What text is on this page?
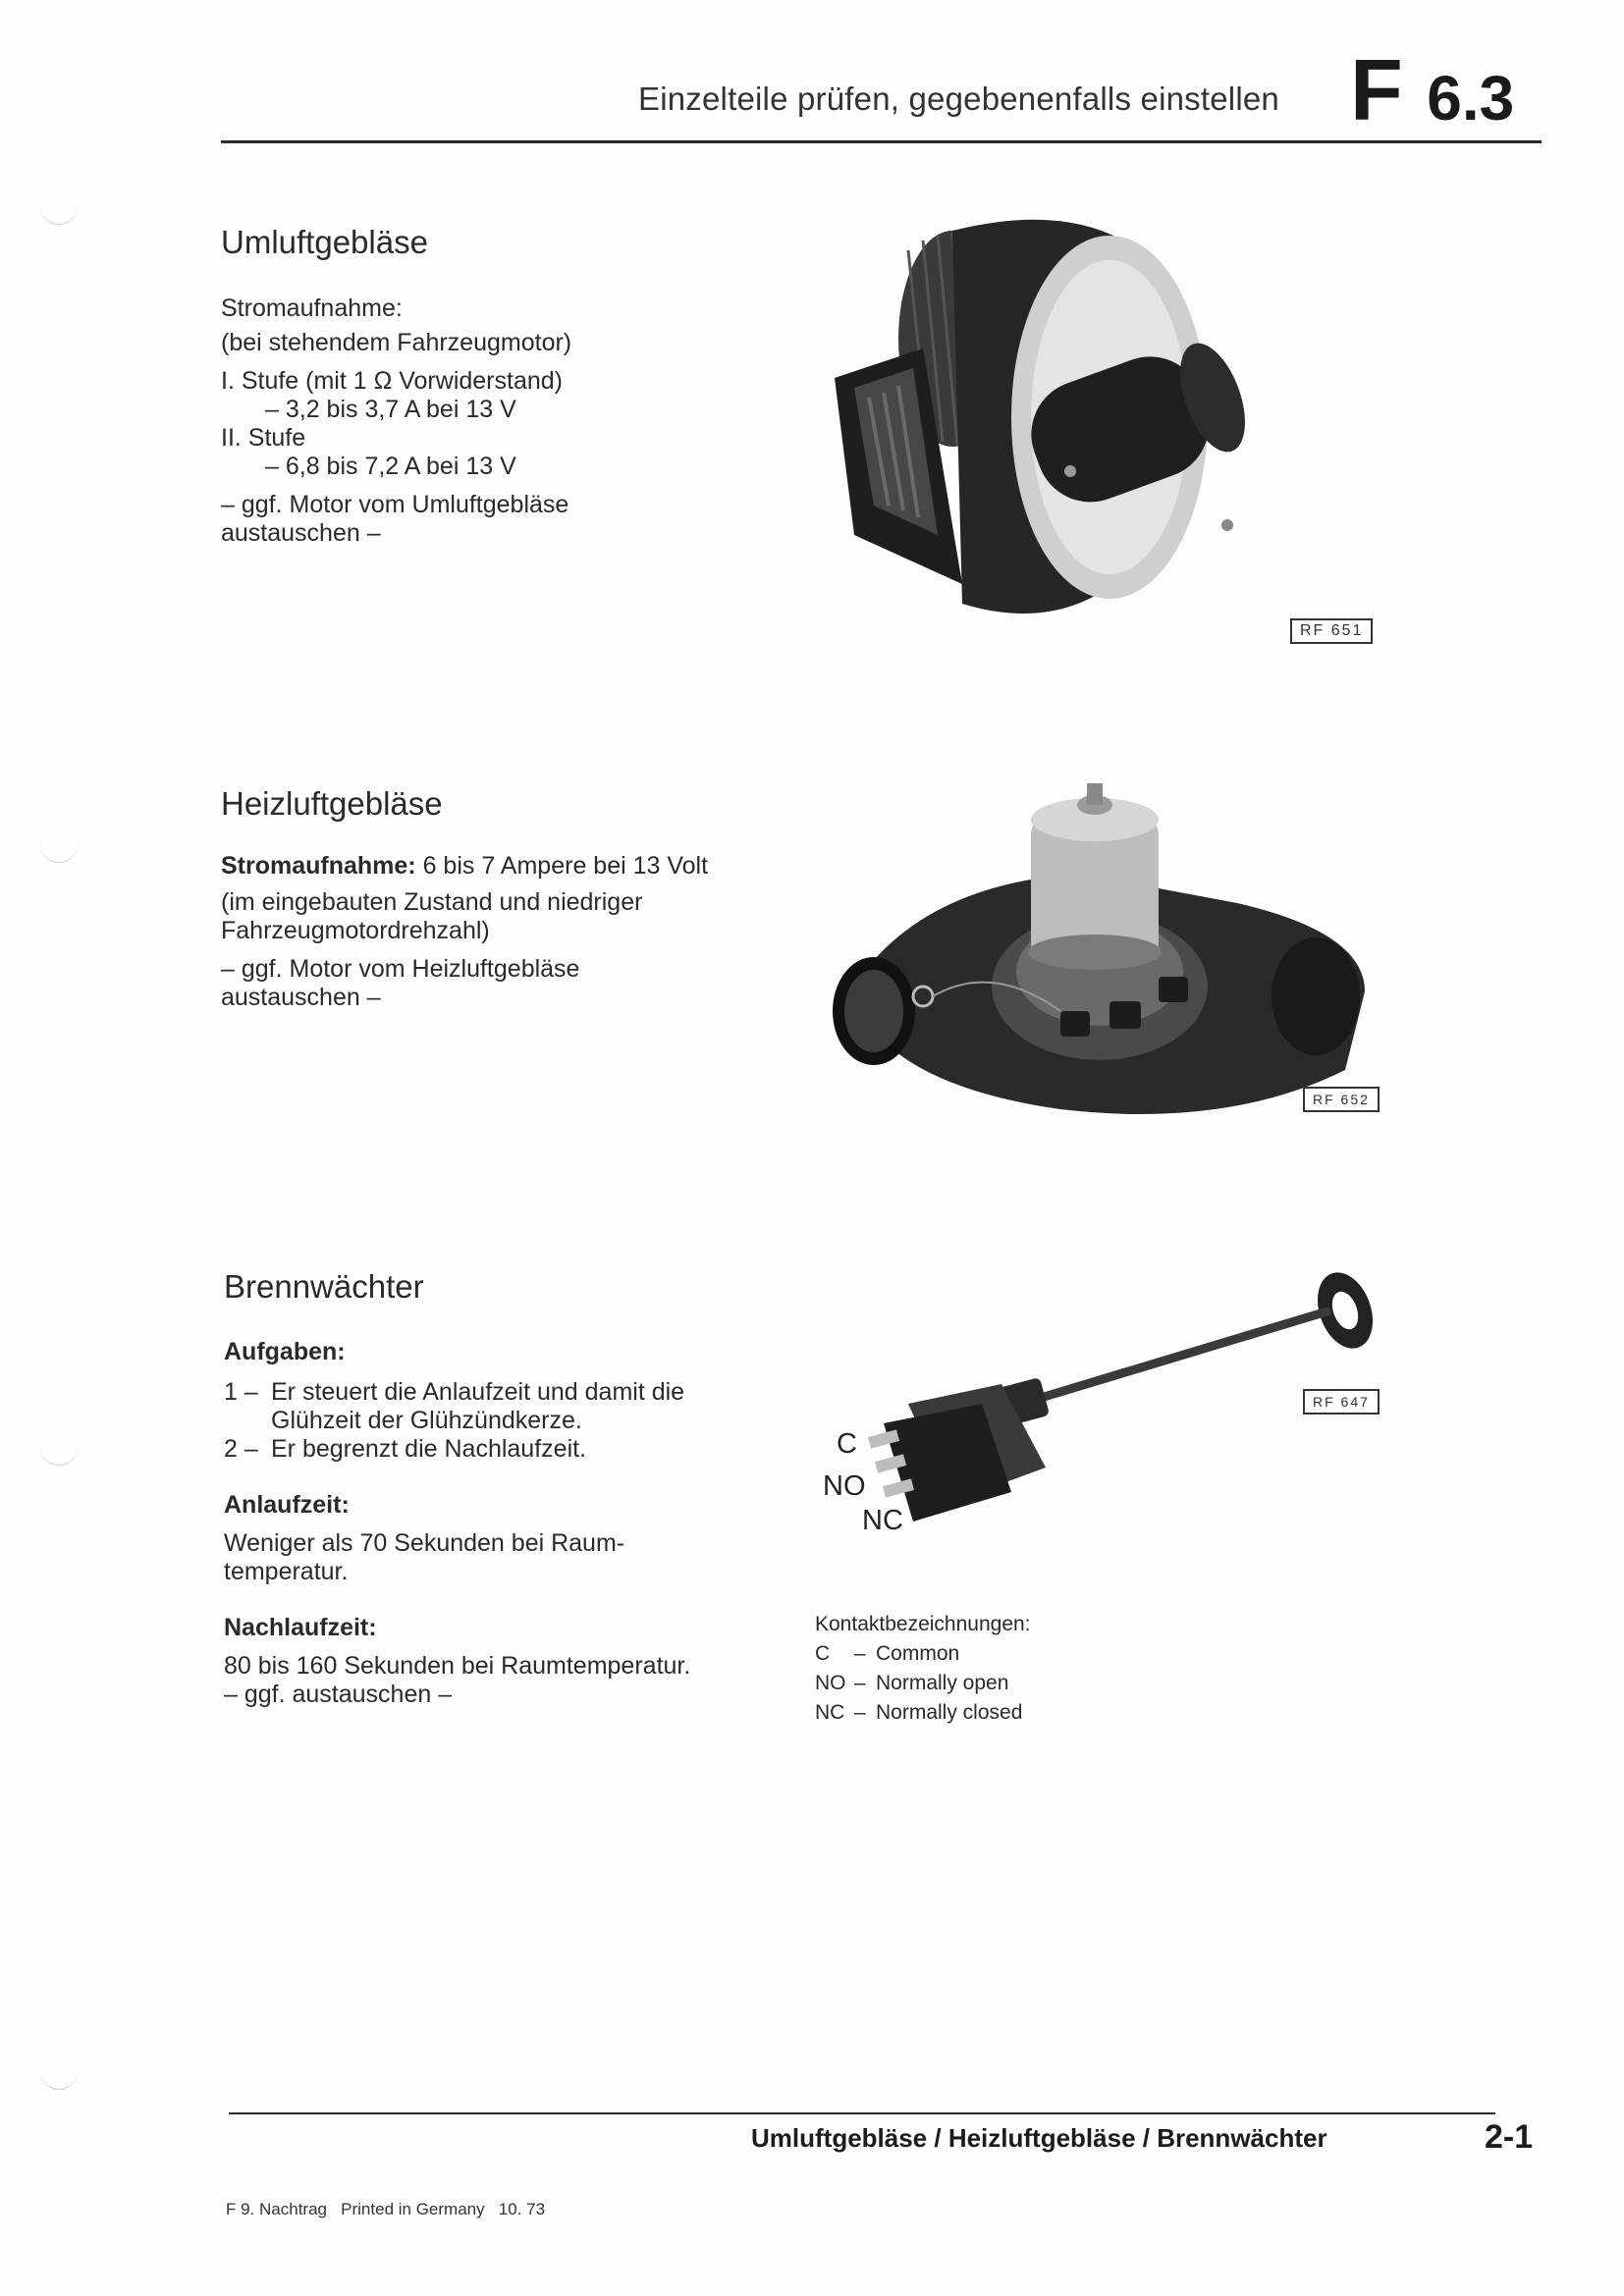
Einzelteile prüfen, gegebenenfalls einstellen F 6.3
Umluftgebläse
Stromaufnahme:
(bei stehendem Fahrzeugmotor)
I. Stufe (mit 1 Ω Vorwiderstand)
– 3,2 bis 3,7 A bei 13 V
II. Stufe
– 6,8 bis 7,2 A bei 13 V
– ggf. Motor vom Umluftgebläse
austauschen –
RF 651
Heizluftgebläse
Stromaufnahme: 6 bis 7 Ampere bei 13 Volt
(im eingebauten Zustand und niedriger
Fahrzeugmotordrehzahl)
– ggf. Motor vom Heizluftgebläse
austauschen –
RF 652
Brennwächter
Aufgaben:
1 – Er steuert die Anlaufzeit und damit die
Glühzeit der Glühzündkerze.
2 – Er begrenzt die Nachlaufzeit.
Anlaufzeit:
Weniger als 70 Sekunden bei Raum-
temperatur.
Nachlaufzeit:
80 bis 160 Sekunden bei Raumtemperatur.
– ggf. austauschen –
RF 647
C
NO
NC
Kontaktbezeichnungen:
C	– Common
NO – Normally open
NC – Normally closed
Umluftgebläse / Heizluftgebläse / Brennwächter	2-1
F 9. Nachtrag   Printed in Germany   10. 73
